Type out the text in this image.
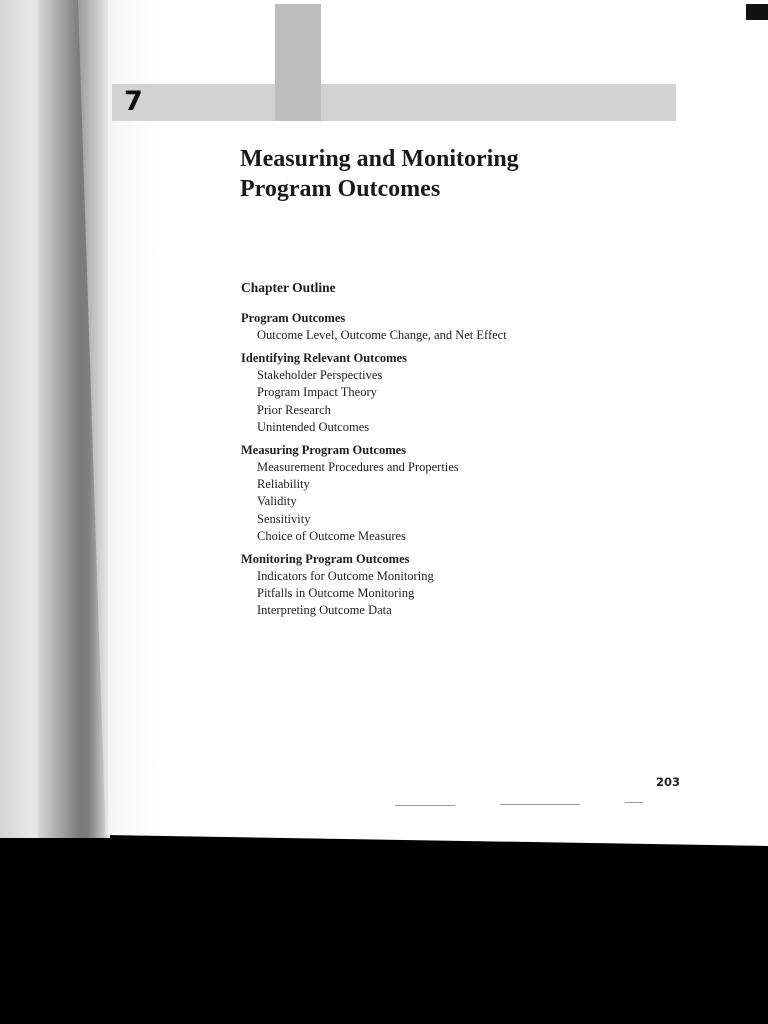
7
Measuring and Monitoring
Program Outcomes
Chapter Outline
Program Outcomes
Outcome Level, Outcome Change, and Net Effect
Identifying Relevant Outcomes
Stakeholder Perspectives
Program Impact Theory
Prior Research
Unintended Outcomes
Measuring Program Outcomes
Measurement Procedures and Properties
Reliability
Validity
Sensitivity
Choice of Outcome Measures
Monitoring Program Outcomes
Indicators for Outcome Monitoring
Pitfalls in Outcome Monitoring
Interpreting Outcome Data
203
